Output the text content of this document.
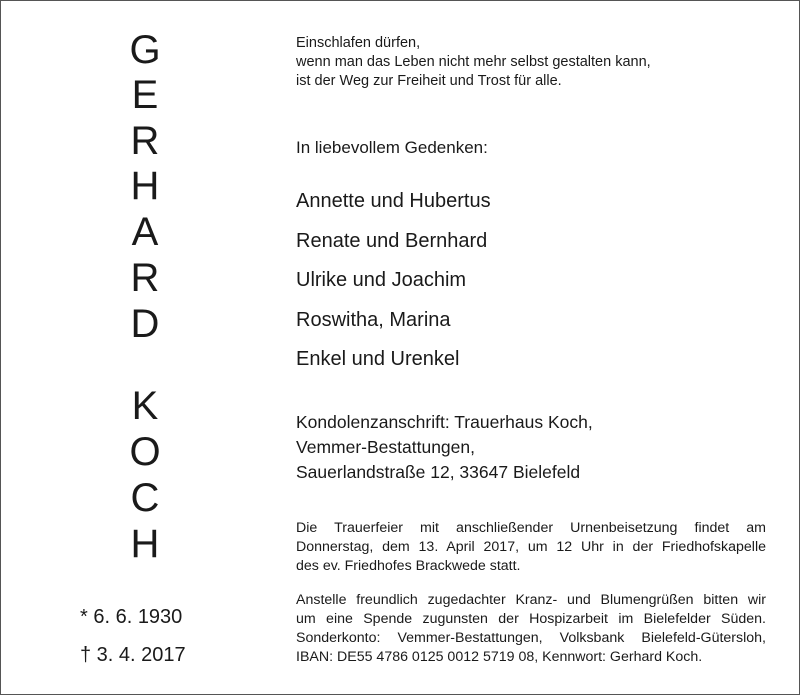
G
E
R
H
A
R
D
K
O
C
H
* 6. 6. 1930
† 3. 4. 2017
Einschlafen dürfen,
wenn man das Leben nicht mehr selbst gestalten kann,
ist der Weg zur Freiheit und Trost für alle.
In liebevollem Gedenken:
Annette und Hubertus
Renate und Bernhard
Ulrike und Joachim
Roswitha, Marina
Enkel und Urenkel
Kondolenzanschrift: Trauerhaus Koch,
Vemmer-Bestattungen,
Sauerlandstraße 12, 33647 Bielefeld
Die Trauerfeier mit anschließender Urnenbeisetzung findet am
Donnerstag, dem 13. April 2017, um 12 Uhr in der Friedhofskapelle
des ev. Friedhofes Brackwede statt.
Anstelle freundlich zugedachter Kranz- und Blumengrüßen bitten wir
um eine Spende zugunsten der Hospizarbeit im Bielefelder Süden.
Sonderkonto: Vemmer-Bestattungen, Volksbank Bielefeld-Gütersloh,
IBAN: DE55 4786 0125 0012 5719 08, Kennwort: Gerhard Koch.
